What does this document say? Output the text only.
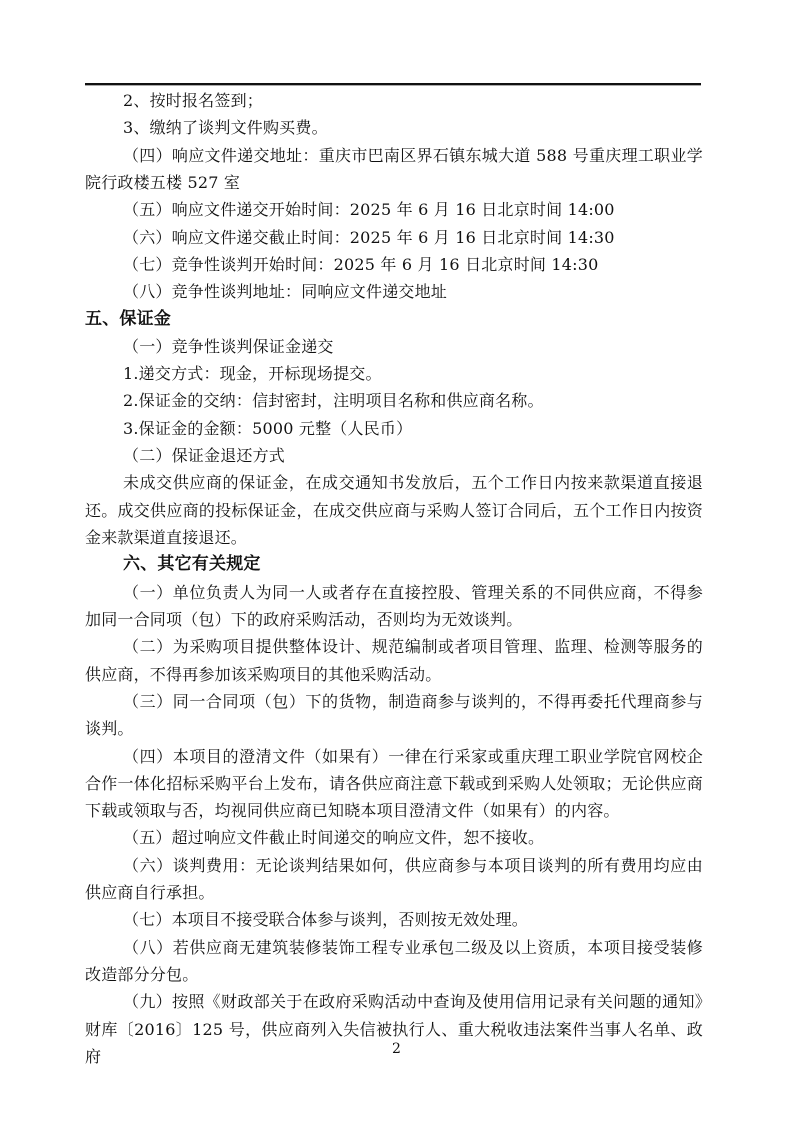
2、按时报名签到；

3、缴纳了谈判文件购买费。

（四）响应文件递交地址：重庆市巴南区界石镇东城大道 588 号重庆理工职业学院行政楼五楼 527 室

（五）响应文件递交开始时间：2025 年 6 月 16 日北京时间 14:00

（六）响应文件递交截止时间：2025 年 6 月 16 日北京时间 14:30

（七）竞争性谈判开始时间：2025 年 6 月 16 日北京时间 14:30

（八）竞争性谈判地址：同响应文件递交地址

五、保证金

（一）竞争性谈判保证金递交

1.递交方式：现金，开标现场提交。

2.保证金的交纳：信封密封，注明项目名称和供应商名称。

3.保证金的金额：5000 元整（人民币）

（二）保证金退还方式

未成交供应商的保证金，在成交通知书发放后，五个工作日内按来款渠道直接退还。成交供应商的投标保证金，在成交供应商与采购人签订合同后，五个工作日内按资金来款渠道直接退还。

六、其它有关规定

（一）单位负责人为同一人或者存在直接控股、管理关系的不同供应商，不得参加同一合同项（包）下的政府采购活动，否则均为无效谈判。

（二）为采购项目提供整体设计、规范编制或者项目管理、监理、检测等服务的供应商，不得再参加该采购项目的其他采购活动。

（三）同一合同项（包）下的货物，制造商参与谈判的，不得再委托代理商参与谈判。

（四）本项目的澄清文件（如果有）一律在行采家或重庆理工职业学院官网校企合作一体化招标采购平台上发布，请各供应商注意下载或到采购人处领取；无论供应商下载或领取与否，均视同供应商已知晓本项目澄清文件（如果有）的内容。

（五）超过响应文件截止时间递交的响应文件，恕不接收。

（六）谈判费用：无论谈判结果如何，供应商参与本项目谈判的所有费用均应由供应商自行承担。

（七）本项目不接受联合体参与谈判，否则按无效处理。

（八）若供应商无建筑装修装饰工程专业承包二级及以上资质，本项目接受装修改造部分分包。

（九）按照《财政部关于在政府采购活动中查询及使用信用记录有关问题的通知》财库〔2016〕125 号，供应商列入失信被执行人、重大税收违法案件当事人名单、政府	2
